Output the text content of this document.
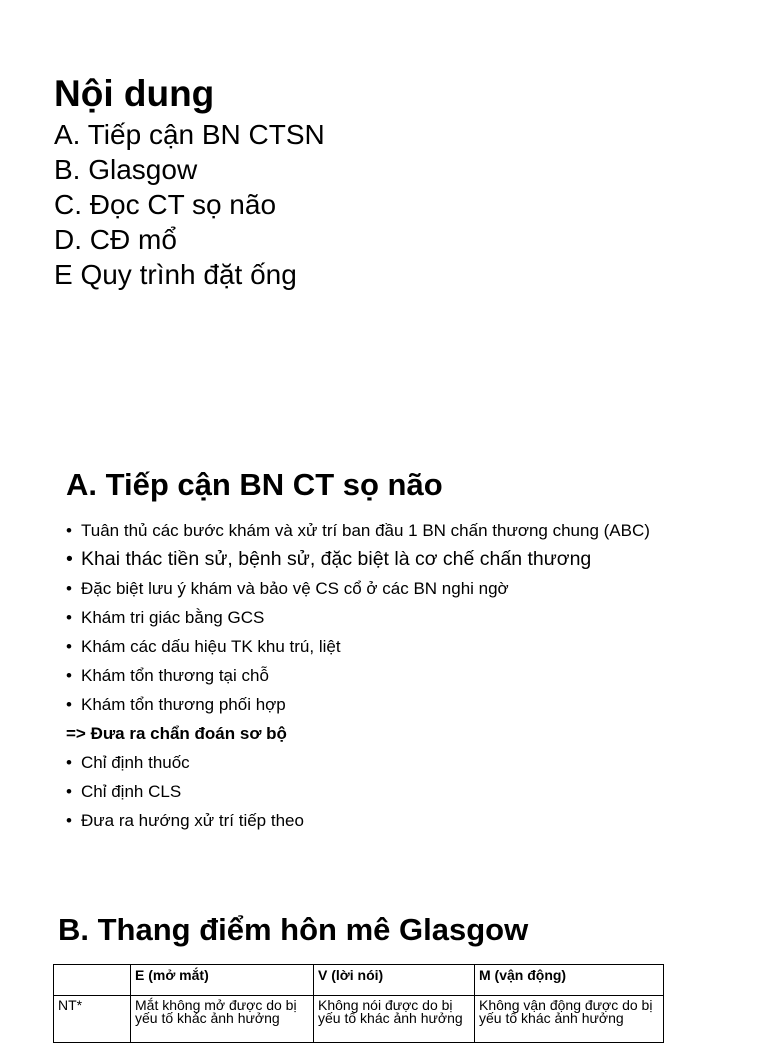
Nội dung
A. Tiếp cận BN CTSN
B. Glasgow
C. Đọc CT sọ não
D. CĐ mổ
E Quy trình đặt ống
A. Tiếp cận BN CT sọ não
• Tuân thủ các bước khám và xử trí ban đầu 1 BN chấn thương chung (ABC)
• Khai thác tiền sử, bệnh sử, đặc biệt là cơ chế chấn thương
• Đặc biệt lưu ý khám và bảo vệ CS cổ ở các BN nghi ngờ
• Khám tri giác bằng GCS
• Khám các dấu hiệu TK khu trú, liệt
• Khám tổn thương tại chỗ
• Khám tổn thương phối hợp
=> Đưa ra chẩn đoán sơ bộ
• Chỉ định thuốc
• Chỉ định CLS
• Đưa ra hướng xử trí tiếp theo
B. Thang điểm hôn mê Glasgow
	E (mở mắt)	V (lời nói)	M (vận động)
NT*	Mắt không mở được do bị yếu tố khác ảnh hưởng	Không nói được do bị yếu tố khác ảnh hưởng	Không vận động được do bị yếu tố khác ảnh hưởng
